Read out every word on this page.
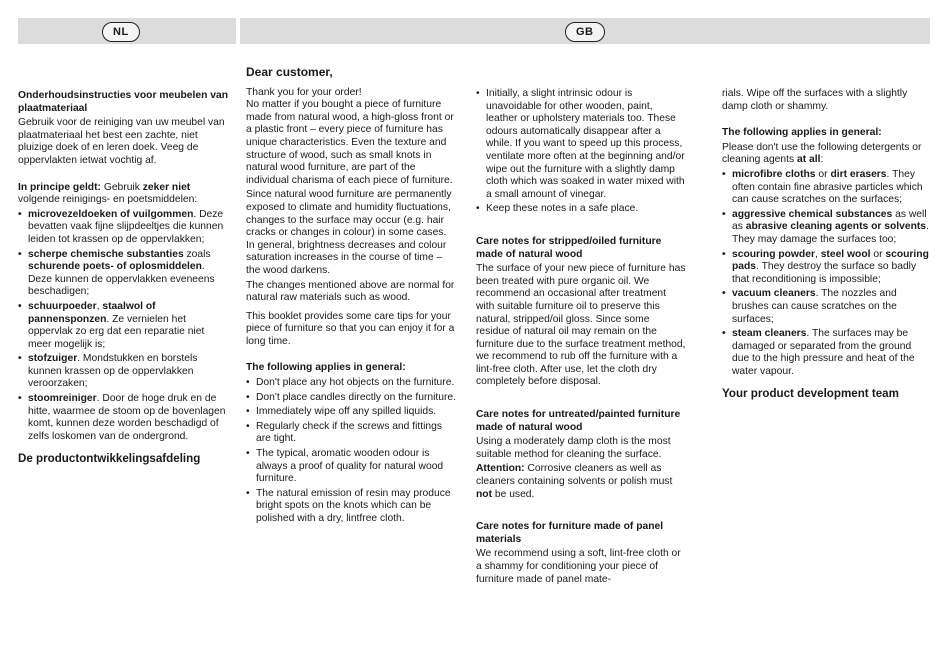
NL	GB
Onderhoudsinstructies voor meubelen van plaatmateriaal

Gebruik voor de reiniging van uw meubel van plaatmateriaal het best een zachte, niet pluizige doek of en leren doek. Veeg de oppervlakten ietwat vochtig af.

In principe geldt: Gebruik zeker niet volgende reinigings- en poetsmiddelen:

• microvezeldoeken of vuilgommen. Deze bevatten vaak fijne slijpdeeltjes die kunnen leiden tot krassen op de oppervlakken;
• scherpe chemische substanties zoals schurende poets- of oplosmiddelen. Deze kunnen de oppervlakken eveneens beschadigen;
• schuurpoeder, staalwol of pannensponzen. Ze vernielen het oppervlak zo erg dat een reparatie niet meer mogelijk is;
• stofzuiger. Mondstukken en borstels kunnen krassen op de oppervlakken veroorzaken;
• stoomreiniger. Door de hoge druk en de hitte, waarmee de stoom op de bovenlagen komt, kunnen deze worden beschadigd of zelfs loskomen van de ondergrond.
De productontwikkelingsafdeling
Dear customer,

Thank you for your order!

No matter if you bought a piece of furniture made from natural wood, a high-gloss front or a plastic front – every piece of furniture has unique characteristics. Even the texture and structure of wood, such as small knots in natural wood furniture, are part of the individual charisma of each piece of furniture.

Since natural wood furniture are permanently exposed to climate and humidity fluctuations, changes to the surface may occur (e.g. hair cracks or changes in colour) in some cases. In general, brightness decreases and colour saturation increases in the course of time – the wood darkens.

The changes mentioned above are normal for natural raw materials such as wood.

This booklet provides some care tips for your piece of furniture so that you can enjoy it for a long time.

The following applies in general:
• Don't place any hot objects on the furniture.
• Don't place candles directly on the furniture.
• Immediately wipe off any spilled liquids.
• Regularly check if the screws and fittings are tight.
• The typical, aromatic wooden odour is always a proof of quality for natural wood furniture.
• The natural emission of resin may produce bright spots on the knots which can be polished with a dry, lintfree cloth.
• Initially, a slight intrinsic odour is unavoidable for other wooden, paint, leather or upholstery materials too. These odours automatically disappear after a while. If you want to speed up this process, ventilate more often at the beginning and/or wipe out the furniture with a slightly damp cloth which was soaked in water mixed with a small amount of vinegar.
• Keep these notes in a safe place.
Care notes for stripped/oiled furniture made of natural wood

The surface of your new piece of furniture has been treated with pure organic oil. We recommend an occasional after treatment with suitable furniture oil to preserve this natural, stripped/oil gloss. Since some residue of natural oil may remain on the furniture due to the surface treatment method, we recommend to rub off the furniture with a lint-free cloth. After use, let the cloth dry completely before disposal.

Care notes for untreated/painted furniture made of natural wood

Using a moderately damp cloth is the most suitable method for cleaning the surface.

Attention: Corrosive cleaners as well as cleaners containing solvents or polish must not be used.

Care notes for furniture made of panel materials

We recommend using a soft, lint-free cloth or a shammy for conditioning your piece of furniture made of panel mate-

rials. Wipe off the surfaces with a slightly damp cloth or shammy.

The following applies in general:

Please don't use the following detergents or cleaning agents at all:

• microfibre cloths or dirt erasers. They often contain fine abrasive particles which can cause scratches on the surfaces;
• aggressive chemical substances as well as abrasive cleaning agents or solvents. They may damage the surfaces too;
• scouring powder, steel wool or scouring pads. They destroy the surface so badly that reconditioning is impossible;
• vacuum cleaners. The nozzles and brushes can cause scratches on the surfaces;
• steam cleaners. The surfaces may be damaged or separated from the ground due to the high pressure and heat of the water vapour.
Your product development team
